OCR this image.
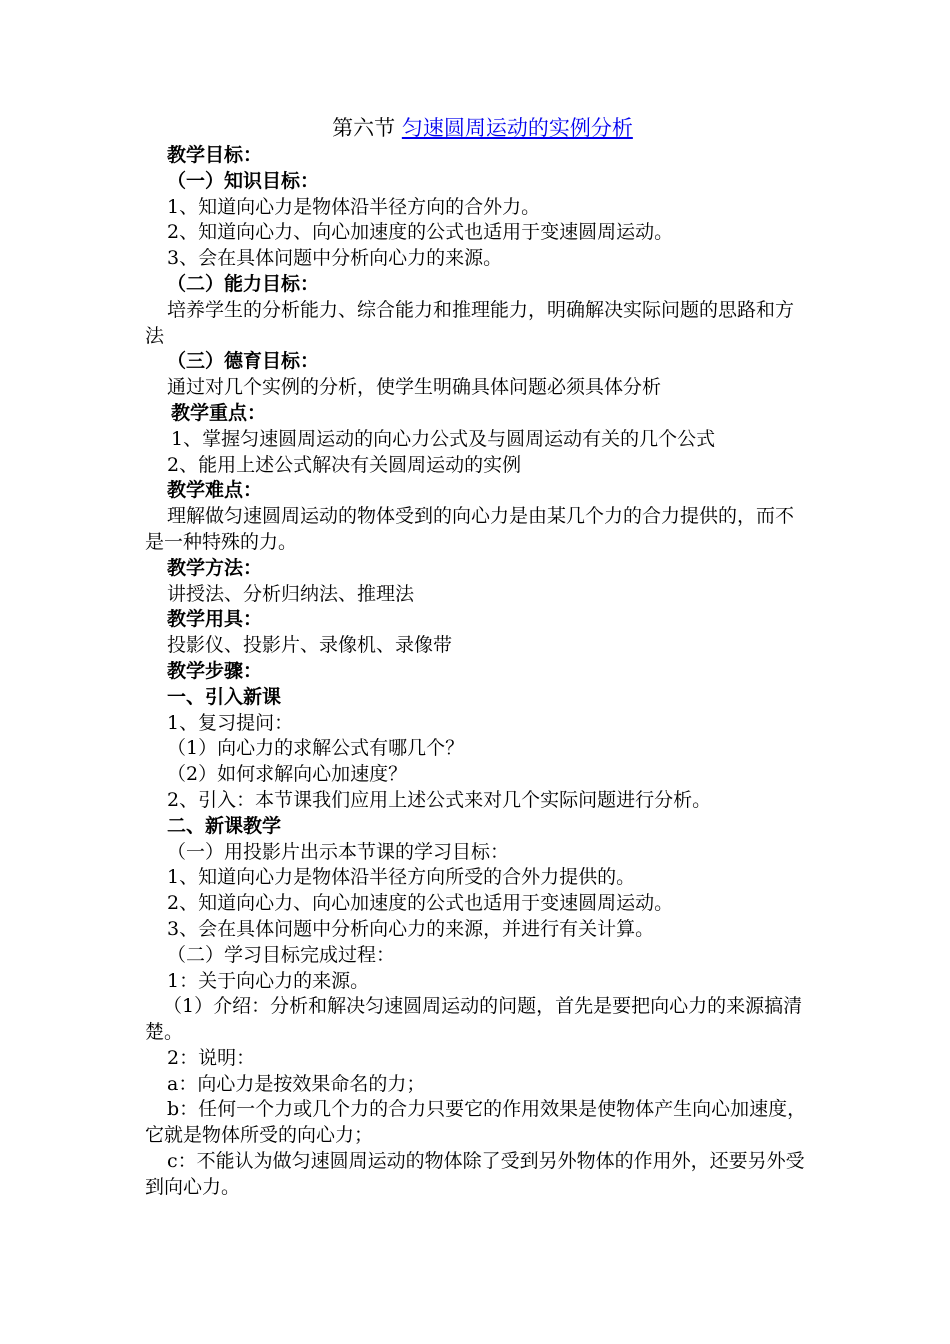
第六节 匀速圆周运动的实例分析

教学目标：

（一）知识目标：

1、知道向心力是物体沿半径方向的合外力。

2、知道向心力、向心加速度的公式也适用于变速圆周运动。

3、会在具体问题中分析向心力的来源。

（二）能力目标：

培养学生的分析能力、综合能力和推理能力，明确解决实际问题的思路和方法

（三）德育目标：

通过对几个实例的分析，使学生明确具体问题必须具体分析

教学重点：

1、掌握匀速圆周运动的向心力公式及与圆周运动有关的几个公式

2、能用上述公式解决有关圆周运动的实例

教学难点：

理解做匀速圆周运动的物体受到的向心力是由某几个力的合力提供的，而不是一种特殊的力。

教学方法：

讲授法、分析归纳法、推理法

教学用具：

投影仪、投影片、录像机、录像带

教学步骤：

一、引入新课

1、复习提问：

（1）向心力的求解公式有哪几个？

（2）如何求解向心加速度？

2、引入：本节课我们应用上述公式来对几个实际问题进行分析。

二、新课教学

（一）用投影片出示本节课的学习目标：

1、知道向心力是物体沿半径方向所受的合外力提供的。

2、知道向心力、向心加速度的公式也适用于变速圆周运动。

3、会在具体问题中分析向心力的来源，并进行有关计算。

（二）学习目标完成过程：

1：关于向心力的来源。

（1）介绍：分析和解决匀速圆周运动的问题，首先是要把向心力的来源搞清楚。

2：说明：

a：向心力是按效果命名的力；

b：任何一个力或几个力的合力只要它的作用效果是使物体产生向心加速度，它就是物体所受的向心力；

c：不能认为做匀速圆周运动的物体除了受到另外物体的作用外，还要另外受到向心力。
